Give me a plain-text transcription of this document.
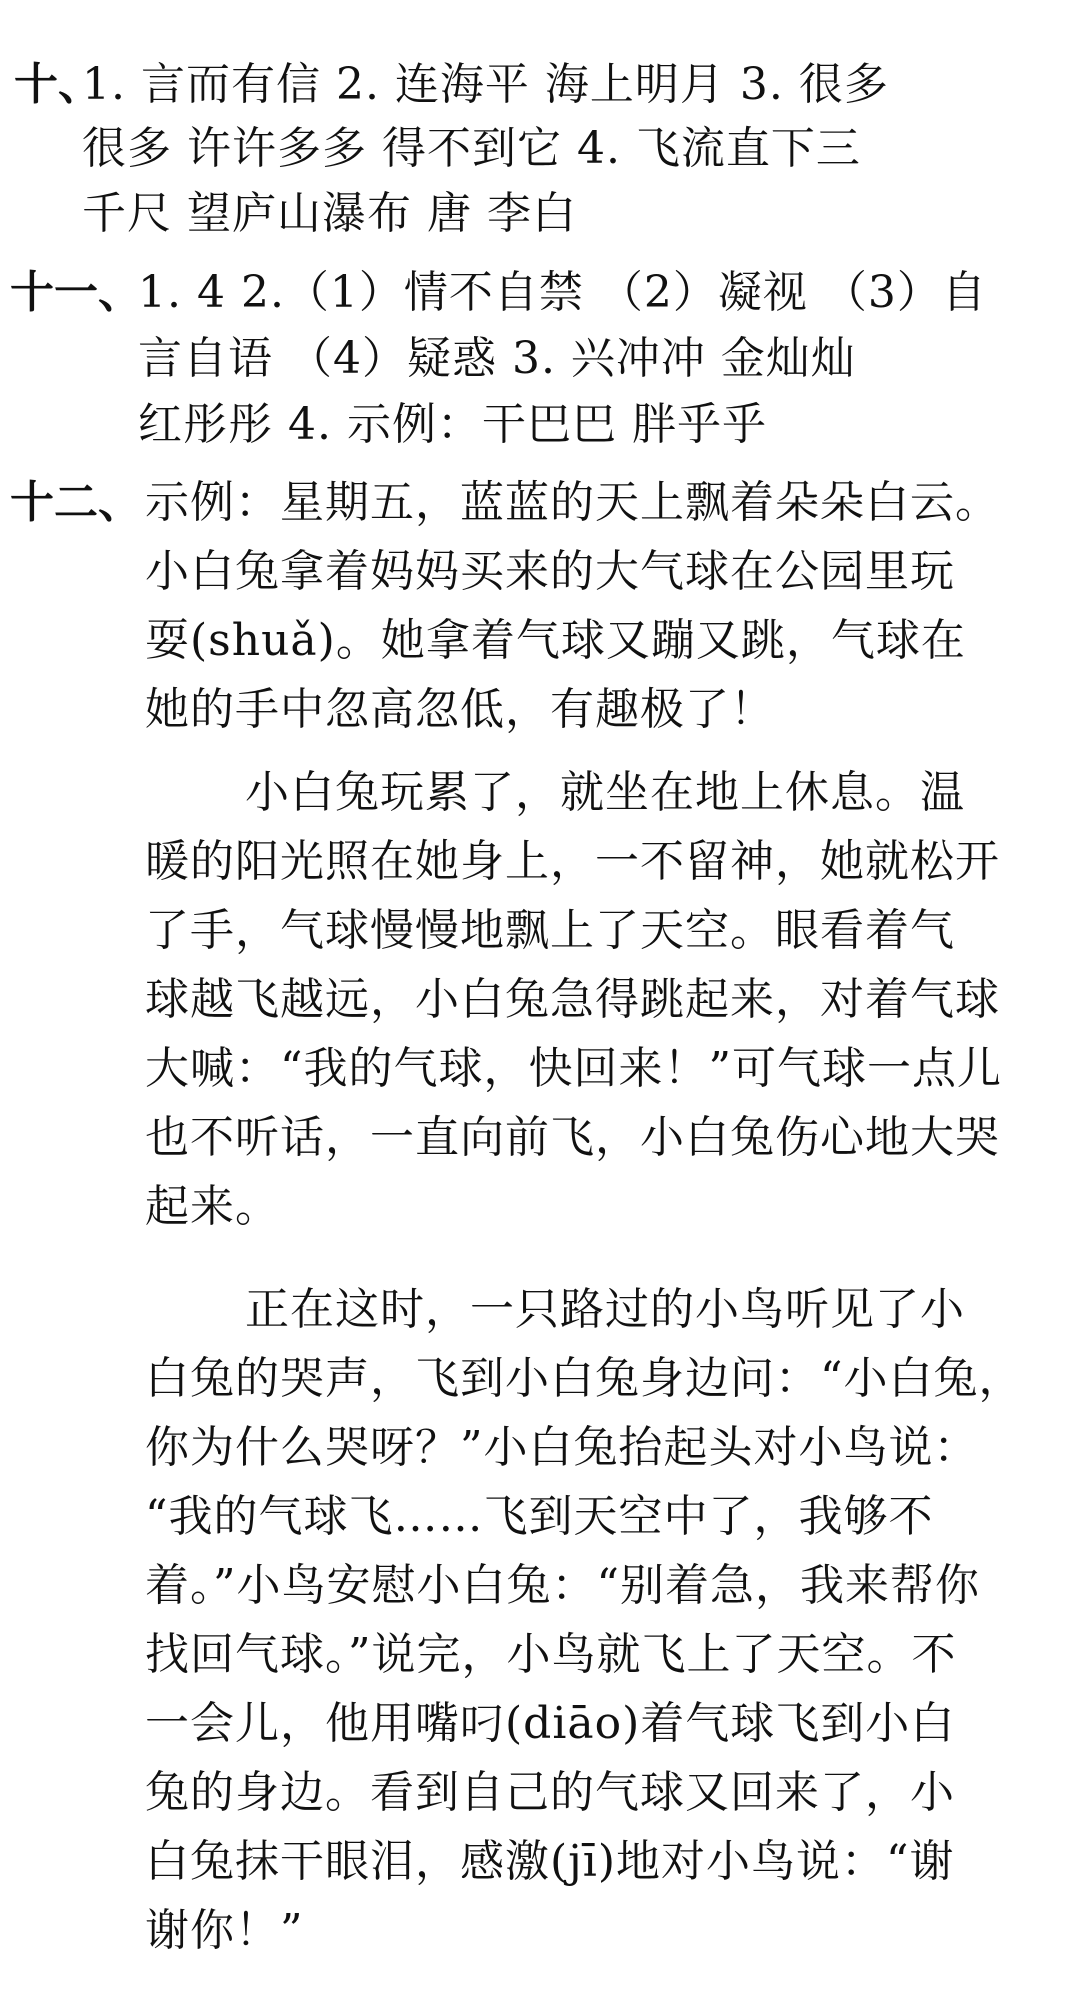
十、
1. 言而有信 2. 连海平 海上明月 3. 很多
很多 许许多多 得不到它 4. 飞流直下三
千尺 望庐山瀑布 唐 李白
十一、
1. 4 2.（1）情不自禁 （2）凝视 （3）自
言自语 （4）疑惑 3. 兴冲冲 金灿灿
红彤彤 4. 示例：干巴巴 胖乎乎
十二、 示例：星期五，蓝蓝的天上飘着朵朵白云。
小白兔拿着妈妈买来的大气球在公园里玩
耍(shuǎ)。她拿着气球又蹦又跳，气球在
她的手中忽高忽低，有趣极了！
小白兔玩累了，就坐在地上休息。温
暖的阳光照在她身上，一不留神，她就松开
了手，气球慢慢地飘上了天空。眼看着气
球越飞越远，小白兔急得跳起来，对着气球
大喊：“我的气球，快回来！”可气球一点儿
也不听话，一直向前飞，小白兔伤心地大哭
起来。
正在这时，一只路过的小鸟听见了小
白兔的哭声，飞到小白兔身边问：“小白兔，
你为什么哭呀？”小白兔抬起头对小鸟说：
“我的气球飞……飞到天空中了，我够不
着。”小鸟安慰小白兔：“别着急，我来帮你
找回气球。”说完，小鸟就飞上了天空。不
一会儿，他用嘴叼(diāo)着气球飞到小白
兔的身边。看到自己的气球又回来了，小
白兔抹干眼泪，感激(jī)地对小鸟说：“谢
谢你！”
